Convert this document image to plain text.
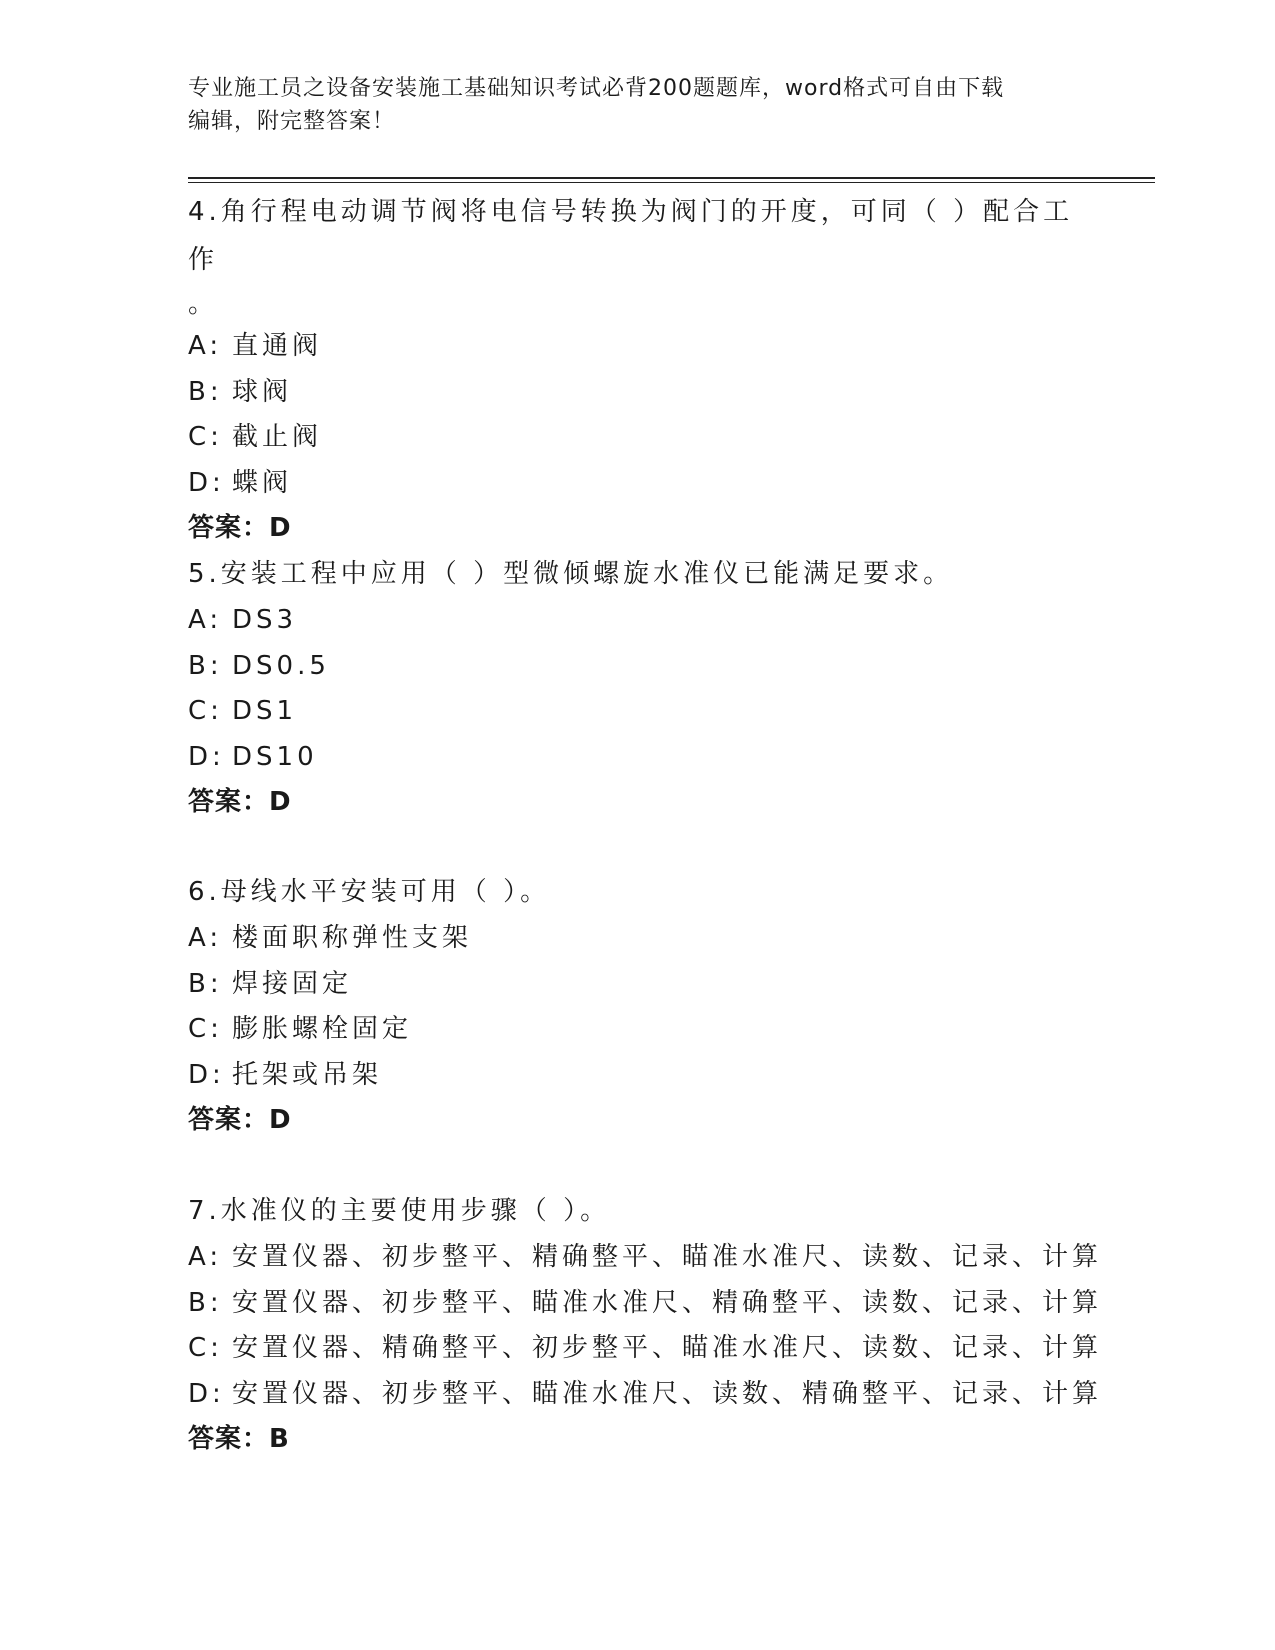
专业施工员之设备安装施工基础知识考试必背200题题库，word格式可自由下载
编辑，附完整答案！
4.角行程电动调节阀将电信号转换为阀门的开度，可同（ ）配合工作
。
A: 直通阀
B: 球阀
C: 截止阀
D: 蝶阀
答案：D
5.安装工程中应用（ ）型微倾螺旋水准仪已能满足要求。
A: DS3
B: DS0.5
C: DS1
D: DS10
答案：D
6.母线水平安装可用（ ）。
A: 楼面职称弹性支架
B: 焊接固定
C: 膨胀螺栓固定
D: 托架或吊架
答案：D
7.水准仪的主要使用步骤（ ）。
A: 安置仪器、初步整平、精确整平、瞄准水准尺、读数、记录、计算
B: 安置仪器、初步整平、瞄准水准尺、精确整平、读数、记录、计算
C: 安置仪器、精确整平、初步整平、瞄准水准尺、读数、记录、计算
D: 安置仪器、初步整平、瞄准水准尺、读数、精确整平、记录、计算
答案：B
